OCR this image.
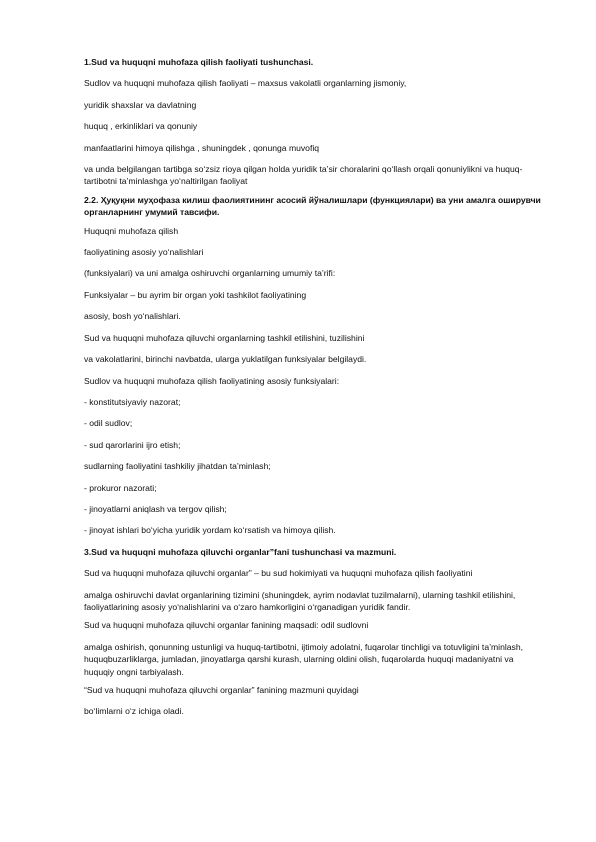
1.Sud va huquqni muhofaza qilish faoliyati tushunchasi.

Sudlov va huquqni muhofaza qilish faoliyati – maxsus vakolatli organlarning jismoniy,

yuridik shaxslar va davlatning

huquq , erkinliklari va qonuniy

manfaatlarini himoya qilishga , shuningdek , qonunga muvofiq

va unda belgilangan tartibga so‘zsiz rioya qilgan holda yuridik ta’sir choralarini qo‘llash orqali qonuniylikni va huquq-tartibotni ta’minlashga yo‘naltirilgan faoliyat

2.2. Ҳуқуқни муҳофаза килиш фаолиятининг асосий йўналишлари (функциялари) ва уни амалга оширувчи органларнинг умумий тавсифи.

Huquqni muhofaza qilish

faoliyatining asosiy yo‘nalishlari

(funksiyalari) va uni amalga oshiruvchi organlarning umumiy ta’rifi:

Funksiyalar – bu ayrim bir organ yoki tashkilot faoliyatining

asosiy, bosh yo‘nalishlari.

Sud va huquqni muhofaza qiluvchi organlarning tashkil etilishini, tuzilishini

va vakolatlarini, birinchi navbatda, ularga yuklatilgan funksiyalar belgilaydi.

Sudlov va huquqni muhofaza qilish faoliyatining asosiy funksiyalari:

- konstitutsiyaviy nazorat;

- odil sudlov;

- sud qarorlarini ijro etish;

sudlarning faoliyatini tashkiliy jihatdan ta’minlash;

- prokuror nazorati;

- jinoyatlarni aniqlash va tergov qilish;

- jinoyat ishlari bo‘yicha yuridik yordam ko‘rsatish va himoya qilish.

3.Sud va huquqni muhofaza qiluvchi organlar”fani tushunchasi va mazmuni.

Sud va huquqni muhofaza qiluvchi organlar” – bu sud hokimiyati va huquqni muhofaza qilish faoliyatini

amalga oshiruvchi davlat organlarining tizimini (shuningdek, ayrim nodavlat tuzilmalarni), ularning tashkil etilishini, faoliyatlarining asosiy yo‘nalishlarini va o‘zaro hamkorligini o‘rganadigan yuridik fandir.

Sud va huquqni muhofaza qiluvchi organlar fanining maqsadi: odil sudlovni

amalga oshirish, qonunning ustunligi va huquq-tartibotni, ijtimoiy adolatni, fuqarolar tinchligi va totuvligini ta’minlash, huquqbuzarliklarga, jumladan, jinoyatlarga qarshi kurash, ularning oldini olish, fuqarolarda huquqi madaniyatni va huquqiy ongni tarbiyalash.

“Sud va huquqni muhofaza qiluvchi organlar” fanining mazmuni quyidagi

bo‘limlarni o‘z ichiga oladi.
